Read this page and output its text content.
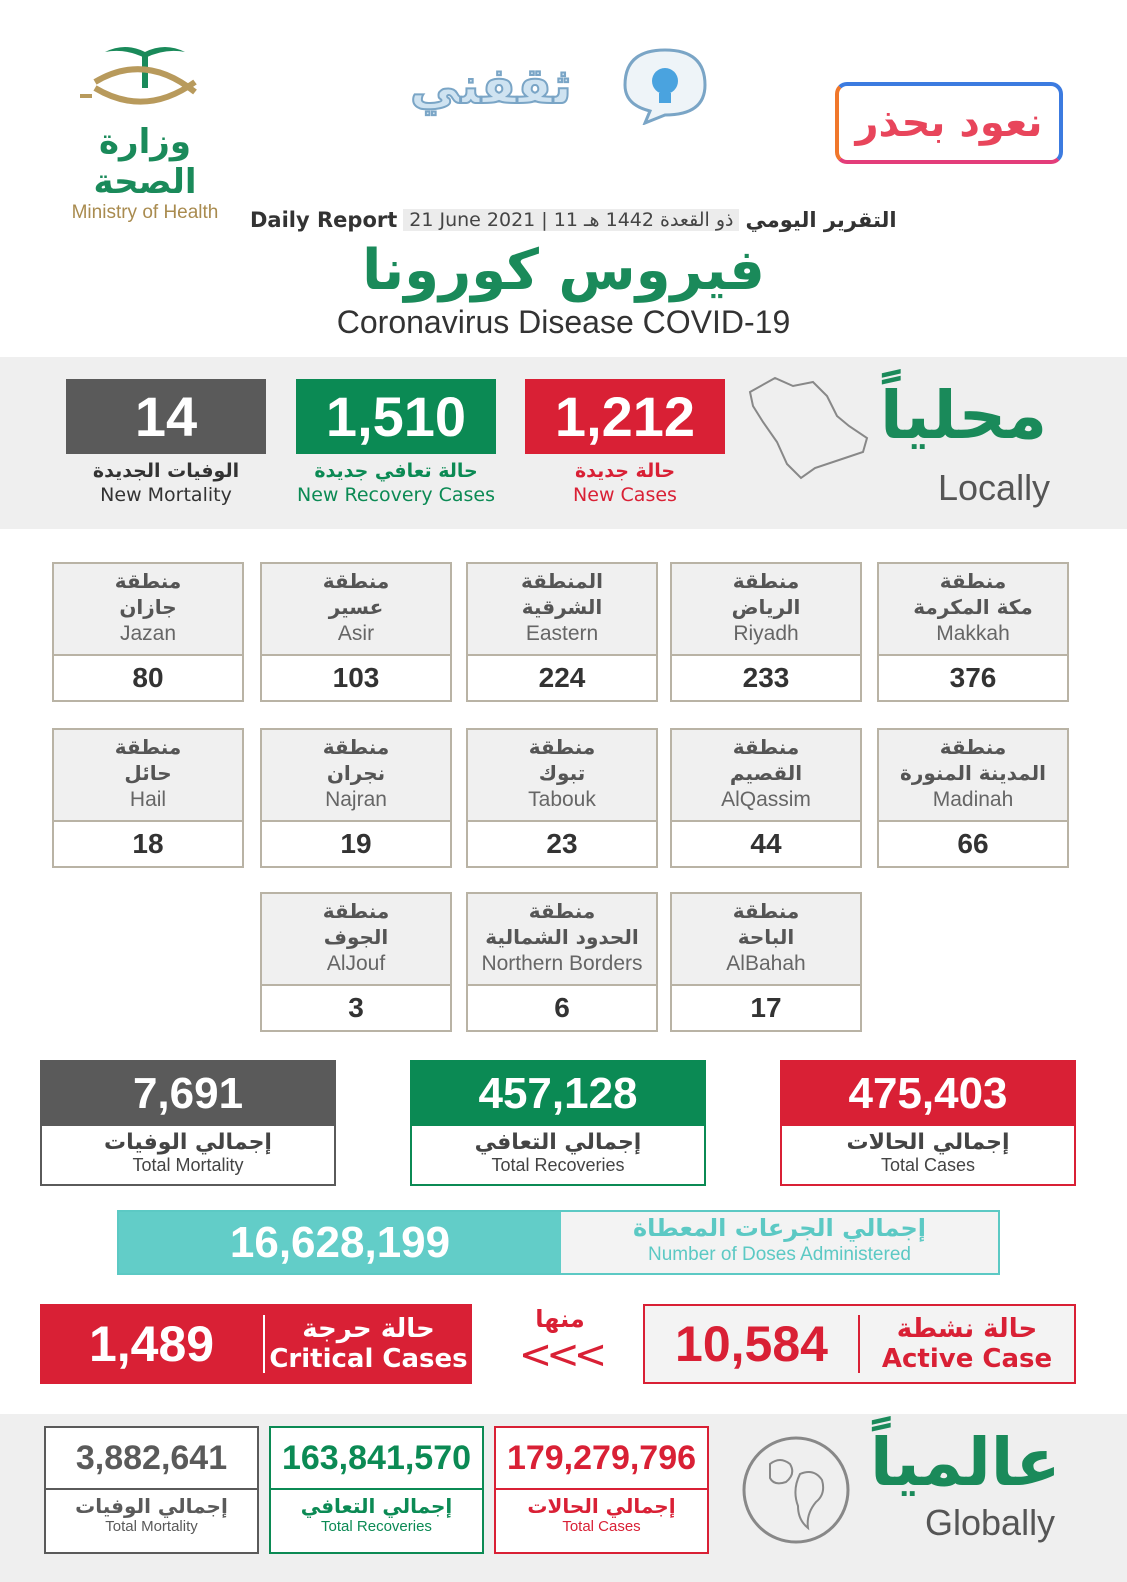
وزارة الصحة
Ministry of Health
ثقفني
نعود بحذر
Daily Report 21 June 2021 | 11 ذو القعدة 1442 هـ التقرير اليومي
فيروس كورونا
Coronavirus Disease COVID-19
14
الوفيات الجديدة
New Mortality
1,510
حالة تعافي جديدة
New Recovery Cases
1,212
حالة جديدة
New Cases
محلياً
Locally
منطقة
مكة المكرمة
Makkah
376
منطقة
الرياض
Riyadh
233
المنطقة
الشرقية
Eastern
224
منطقة
عسير
Asir
103
منطقة
جازان
Jazan
80
منطقة
المدينة المنورة
Madinah
66
منطقة
القصيم
AlQassim
44
منطقة
تبوك
Tabouk
23
منطقة
نجران
Najran
19
منطقة
حائل
Hail
18
منطقة
الباحة
AlBahah
17
منطقة
الحدود الشمالية
Northern Borders
6
منطقة
الجوف
AlJouf
3
7,691
إجمالي الوفيات
Total Mortality
457,128
إجمالي التعافي
Total Recoveries
475,403
إجمالي الحالات
Total Cases
16,628,199	إجمالي الجرعات المعطاة
Number of Doses Administered
1,489	حالة حرجة
Critical Cases
منها
<<<	10,584	حالة نشطة
Active Case
3,882,641
إجمالي الوفيات
Total Mortality
163,841,570
إجمالي التعافي
Total Recoveries
179,279,796
إجمالي الحالات
Total Cases
عالمياً
Globally
